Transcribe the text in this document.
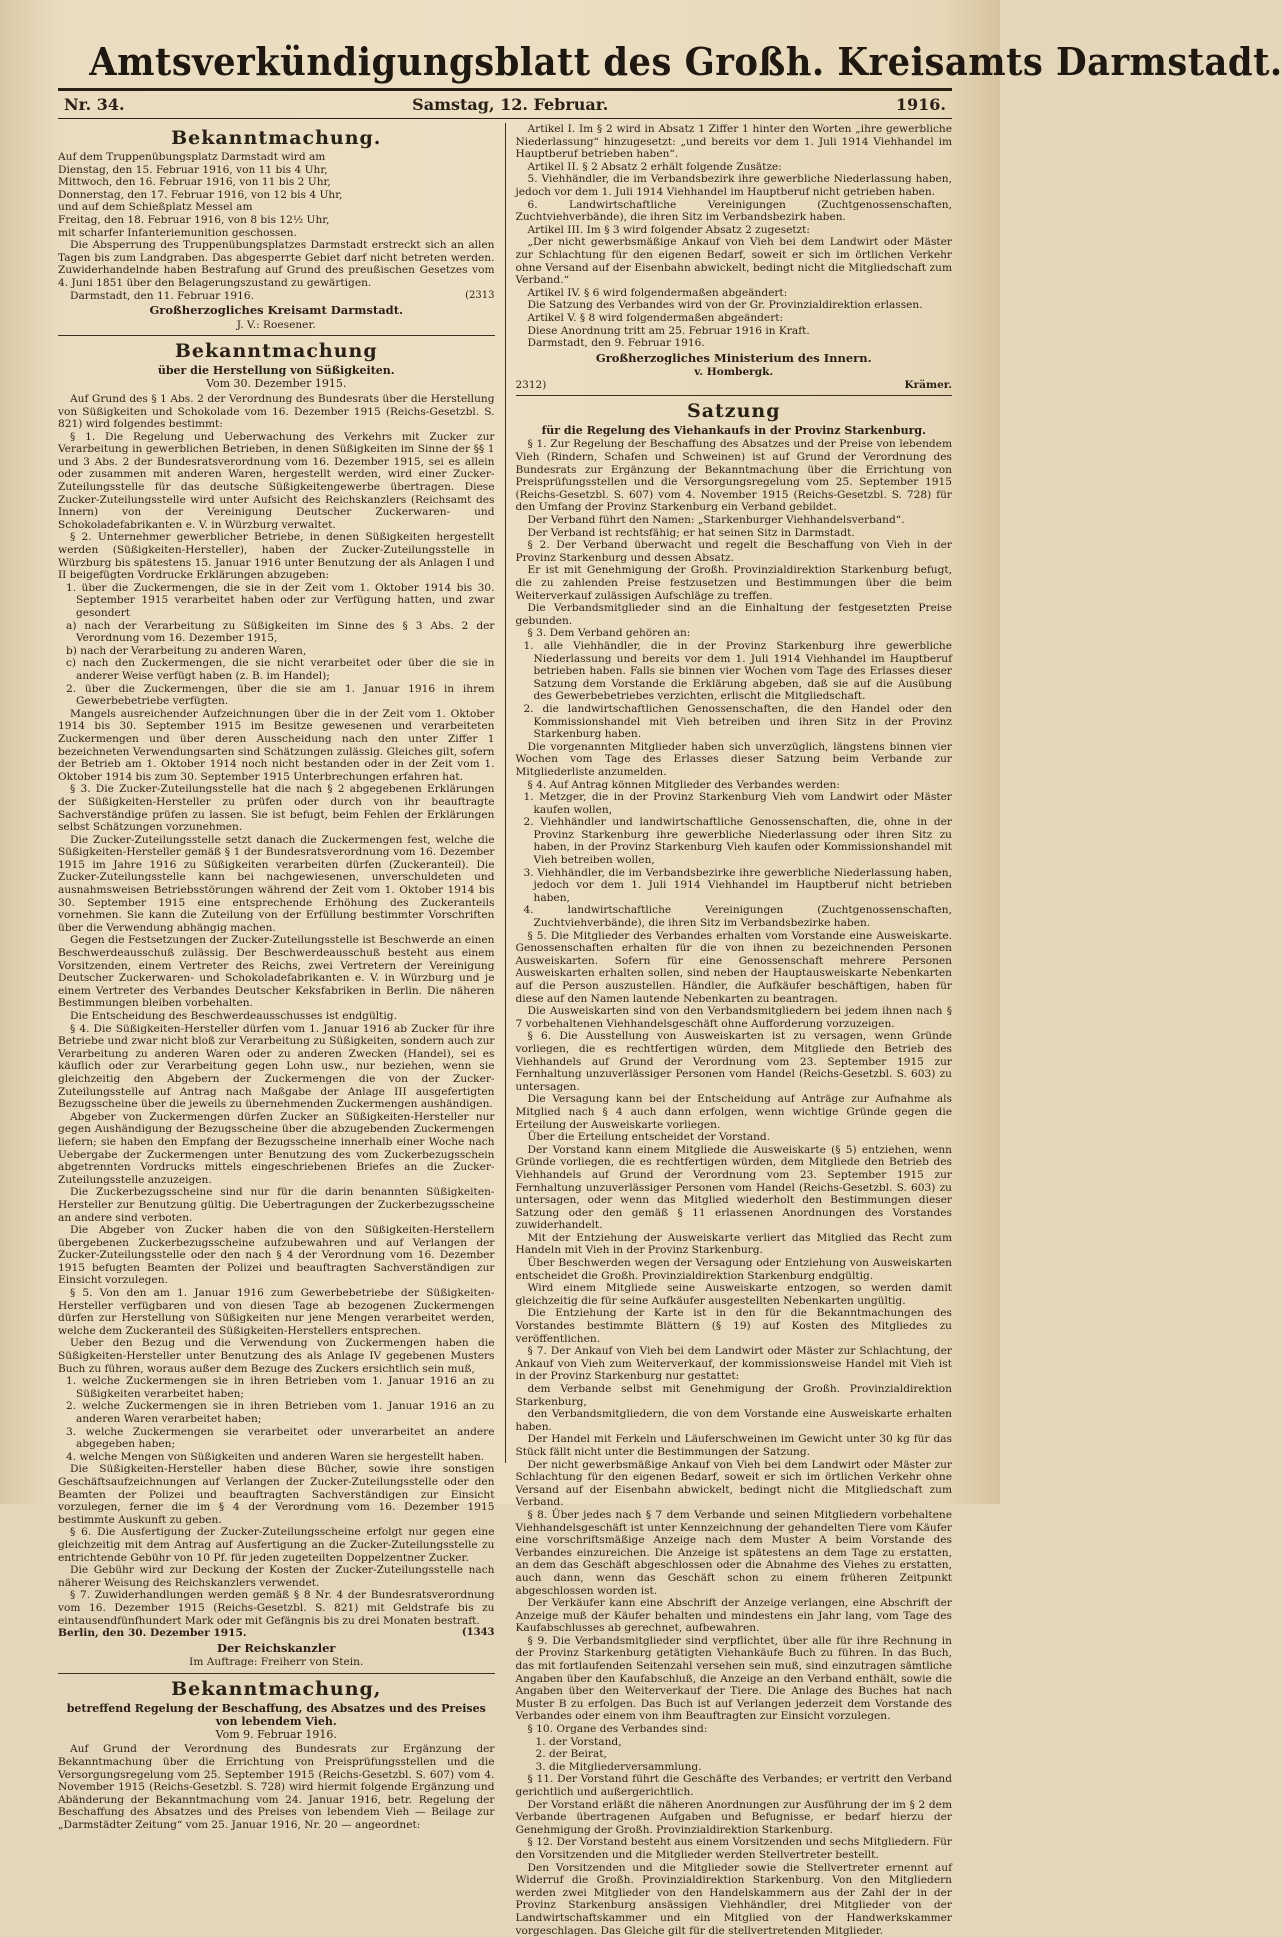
Amtsverkündigungsblatt des Großh. Kreisamts Darmstadt.
Nr. 34.	Samstag, 12. Februar.	1916.
Bekanntmachung.

Auf dem Truppenübungsplatz Darmstadt wird am

Dienstag, den 15. Februar 1916, von 11 bis 4 Uhr,

Mittwoch, den 16. Februar 1916, von 11 bis 2 Uhr,

Donnerstag, den 17. Februar 1916, von 12 bis 4 Uhr,

und auf dem Schießplatz Messel am

Freitag, den 18. Februar 1916, von 8 bis 12½ Uhr,

mit scharfer Infanteriemunition geschossen.

Die Absperrung des Truppenübungsplatzes Darmstadt erstreckt sich an allen Tagen bis zum Landgraben. Das abgesperrte Gebiet darf nicht betreten werden. Zuwiderhandelnde haben Bestrafung auf Grund des preußischen Gesetzes vom 4. Juni 1851 über den Belagerungszustand zu gewärtigen.

Darmstadt, den 11. Februar 1916.	(2313

Großherzogliches Kreisamt Darmstadt.
J. V.: Roesener.
Bekanntmachung
über die Herstellung von Süßigkeiten.
Vom 30. Dezember 1915.

Auf Grund des § 1 Abs. 2 der Verordnung des Bundesrats über die Herstellung von Süßigkeiten und Schokolade vom 16. Dezember 1915 (Reichs-Gesetzbl. S. 821) wird folgendes bestimmt:

§ 1. Die Regelung und Ueberwachung des Verkehrs mit Zucker zur Verarbeitung in gewerblichen Betrieben, in denen Süßigkeiten im Sinne der §§ 1 und 3 Abs. 2 der Bundesratsverordnung vom 16. Dezember 1915, sei es allein oder zusammen mit anderen Waren, hergestellt werden, wird einer Zucker-Zuteilungsstelle für das deutsche Süßigkeitengewerbe übertragen. Diese Zucker-Zuteilungsstelle wird unter Aufsicht des Reichskanzlers (Reichsamt des Innern) von der Vereinigung Deutscher Zuckerwaren- und Schokoladefabrikanten e. V. in Würzburg verwaltet.

§ 2. Unternehmer gewerblicher Betriebe, in denen Süßigkeiten hergestellt werden (Süßigkeiten-Hersteller), haben der Zucker-Zuteilungsstelle in Würzburg bis spätestens 15. Januar 1916 unter Benutzung der als Anlagen I und II beigefügten Vordrucke Erklärungen abzugeben:

1. über die Zuckermengen, die sie in der Zeit vom 1. Oktober 1914 bis 30. September 1915 verarbeitet haben oder zur Verfügung hatten, und zwar gesondert

a) nach der Verarbeitung zu Süßigkeiten im Sinne des § 3 Abs. 2 der Verordnung vom 16. Dezember 1915,

b) nach der Verarbeitung zu anderen Waren,

c) nach den Zuckermengen, die sie nicht verarbeitet oder über die sie in anderer Weise verfügt haben (z. B. im Handel);

2. über die Zuckermengen, über die sie am 1. Januar 1916 in ihrem Gewerbebetriebe verfügten.

Mangels ausreichender Aufzeichnungen über die in der Zeit vom 1. Oktober 1914 bis 30. September 1915 im Besitze gewesenen und verarbeiteten Zuckermengen und über deren Ausscheidung nach den unter Ziffer 1 bezeichneten Verwendungsarten sind Schätzungen zulässig. Gleiches gilt, sofern der Betrieb am 1. Oktober 1914 noch nicht bestanden oder in der Zeit vom 1. Oktober 1914 bis zum 30. September 1915 Unterbrechungen erfahren hat.

§ 3. Die Zucker-Zuteilungsstelle hat die nach § 2 abgegebenen Erklärungen der Süßigkeiten-Hersteller zu prüfen oder durch von ihr beauftragte Sachverständige prüfen zu lassen. Sie ist befugt, beim Fehlen der Erklärungen selbst Schätzungen vorzunehmen.

Die Zucker-Zuteilungsstelle setzt danach die Zuckermengen fest, welche die Süßigkeiten-Hersteller gemäß § 1 der Bundesratsverordnung vom 16. Dezember 1915 im Jahre 1916 zu Süßigkeiten verarbeiten dürfen (Zuckeranteil). Die Zucker-Zuteilungsstelle kann bei nachgewiesenen, unverschuldeten und ausnahmsweisen Betriebsstörungen während der Zeit vom 1. Oktober 1914 bis 30. September 1915 eine entsprechende Erhöhung des Zuckeranteils vornehmen. Sie kann die Zuteilung von der Erfüllung bestimmter Vorschriften über die Verwendung abhängig machen.

Gegen die Festsetzungen der Zucker-Zuteilungsstelle ist Beschwerde an einen Beschwerdeausschuß zulässig. Der Beschwerdeausschuß besteht aus einem Vorsitzenden, einem Vertreter des Reichs, zwei Vertretern der Vereinigung Deutscher Zuckerwaren- und Schokoladefabrikanten e. V. in Würzburg und je einem Vertreter des Verbandes Deutscher Keksfabriken in Berlin. Die näheren Bestimmungen bleiben vorbehalten.

Die Entscheidung des Beschwerdeausschusses ist endgültig.

§ 4. Die Süßigkeiten-Hersteller dürfen vom 1. Januar 1916 ab Zucker für ihre Betriebe und zwar nicht bloß zur Verarbeitung zu Süßigkeiten, sondern auch zur Verarbeitung zu anderen Waren oder zu anderen Zwecken (Handel), sei es käuflich oder zur Verarbeitung gegen Lohn usw., nur beziehen, wenn sie gleichzeitig den Abgebern der Zuckermengen die von der Zucker-Zuteilungsstelle auf Antrag nach Maßgabe der Anlage III ausgefertigten Bezugsscheine über die jeweils zu übernehmenden Zuckermengen aushändigen.

Abgeber von Zuckermengen dürfen Zucker an Süßigkeiten-Hersteller nur gegen Aushändigung der Bezugsscheine über die abzugebenden Zuckermengen liefern; sie haben den Empfang der Bezugsscheine innerhalb einer Woche nach Uebergabe der Zuckermengen unter Benutzung des vom Zuckerbezugsschein abgetrennten Vordrucks mittels eingeschriebenen Briefes an die Zucker-Zuteilungsstelle anzuzeigen.

Die Zuckerbezugsscheine sind nur für die darin benannten Süßigkeiten-Hersteller zur Benutzung gültig. Die Uebertragungen der Zuckerbezugsscheine an andere sind verboten.

Die Abgeber von Zucker haben die von den Süßigkeiten-Herstellern übergebenen Zuckerbezugsscheine aufzubewahren und auf Verlangen der Zucker-Zuteilungsstelle oder den nach § 4 der Verordnung vom 16. Dezember 1915 befugten Beamten der Polizei und beauftragten Sachverständigen zur Einsicht vorzulegen.

§ 5. Von den am 1. Januar 1916 zum Gewerbebetriebe der Süßigkeiten-Hersteller verfügbaren und von diesen Tage ab bezogenen Zuckermengen dürfen zur Herstellung von Süßigkeiten nur jene Mengen verarbeitet werden, welche dem Zuckeranteil des Süßigkeiten-Herstellers entsprechen.

Ueber den Bezug und die Verwendung von Zuckermengen haben die Süßigkeiten-Hersteller unter Benutzung des als Anlage IV gegebenen Musters Buch zu führen, woraus außer dem Bezuge des Zuckers ersichtlich sein muß,

1. welche Zuckermengen sie in ihren Betrieben vom 1. Januar 1916 an zu Süßigkeiten verarbeitet haben;

2. welche Zuckermengen sie in ihren Betrieben vom 1. Januar 1916 an zu anderen Waren verarbeitet haben;

3. welche Zuckermengen sie verarbeitet oder unverarbeitet an andere abgegeben haben;

4. welche Mengen von Süßigkeiten und anderen Waren sie hergestellt haben.

Die Süßigkeiten-Hersteller haben diese Bücher, sowie ihre sonstigen Geschäftsaufzeichnungen auf Verlangen der Zucker-Zuteilungsstelle oder den Beamten der Polizei und beauftragten Sachverständigen zur Einsicht vorzulegen, ferner die im § 4 der Verordnung vom 16. Dezember 1915 bestimmte Auskunft zu geben.

§ 6. Die Ausfertigung der Zucker-Zuteilungsscheine erfolgt nur gegen eine gleichzeitig mit dem Antrag auf Ausfertigung an die Zucker-Zuteilungsstelle zu entrichtende Gebühr von 10 Pf. für jeden zugeteilten Doppelzentner Zucker.

Die Gebühr wird zur Deckung der Kosten der Zucker-Zuteilungsstelle nach näherer Weisung des Reichskanzlers verwendet.

§ 7. Zuwiderhandlungen werden gemäß § 8 Nr. 4 der Bundesratsverordnung vom 16. Dezember 1915 (Reichs-Gesetzbl. S. 821) mit Geldstrafe bis zu eintausendfünfhundert Mark oder mit Gefängnis bis zu drei Monaten bestraft.

Berlin, den 30. Dezember 1915.	(1343

Der Reichskanzler
Im Auftrage: Freiherr von Stein.
Bekanntmachung,
betreffend Regelung der Beschaffung, des Absatzes und des Preises von lebendem Vieh.
Vom 9. Februar 1916.

Auf Grund der Verordnung des Bundesrats zur Ergänzung der Bekanntmachung über die Errichtung von Preisprüfungsstellen und die Versorgungsregelung vom 25. September 1915 (Reichs-Gesetzbl. S. 607) vom 4. November 1915 (Reichs-Gesetzbl. S. 728) wird hiermit folgende Ergänzung und Abänderung der Bekanntmachung vom 24. Januar 1916, betr. Regelung der Beschaffung des Absatzes und des Preises von lebendem Vieh — Beilage zur „Darmstädter Zeitung“ vom 25. Januar 1916, Nr. 20 — angeordnet:

Artikel I. Im § 2 wird in Absatz 1 Ziffer 1 hinter den Worten „ihre gewerbliche Niederlassung“ hinzugesetzt: „und bereits vor dem 1. Juli 1914 Viehhandel im Hauptberuf betrieben haben“.

Artikel II. § 2 Absatz 2 erhält folgende Zusätze:

5. Viehhändler, die im Verbandsbezirk ihre gewerbliche Niederlassung haben, jedoch vor dem 1. Juli 1914 Viehhandel im Hauptberuf nicht getrieben haben.

6. Landwirtschaftliche Vereinigungen (Zuchtgenossenschaften, Zuchtviehverbände), die ihren Sitz im Verbandsbezirk haben.

Artikel III. Im § 3 wird folgender Absatz 2 zugesetzt:

„Der nicht gewerbsmäßige Ankauf von Vieh bei dem Landwirt oder Mäster zur Schlachtung für den eigenen Bedarf, soweit er sich im örtlichen Verkehr ohne Versand auf der Eisenbahn abwickelt, bedingt nicht die Mitgliedschaft zum Verband.“

Artikel IV. § 6 wird folgendermaßen abgeändert:

Die Satzung des Verbandes wird von der Gr. Provinzialdirektion erlassen.

Artikel V. § 8 wird folgendermaßen abgeändert:

Diese Anordnung tritt am 25. Februar 1916 in Kraft.

Darmstadt, den 9. Februar 1916.

Großherzogliches Ministerium des Innern.
v. Hombergk.
2312)	Krämer.
Satzung
für die Regelung des Viehankaufs in der Provinz Starkenburg.

§ 1. Zur Regelung der Beschaffung des Absatzes und der Preise von lebendem Vieh (Rindern, Schafen und Schweinen) ist auf Grund der Verordnung des Bundesrats zur Ergänzung der Bekanntmachung über die Errichtung von Preisprüfungsstellen und die Versorgungsregelung vom 25. September 1915 (Reichs-Gesetzbl. S. 607) vom 4. November 1915 (Reichs-Gesetzbl. S. 728) für den Umfang der Provinz Starkenburg ein Verband gebildet.

Der Verband führt den Namen: „Starkenburger Viehhandelsverband“.

Der Verband ist rechtsfähig; er hat seinen Sitz in Darmstadt.

§ 2. Der Verband überwacht und regelt die Beschaffung von Vieh in der Provinz Starkenburg und dessen Absatz.

Er ist mit Genehmigung der Großh. Provinzialdirektion Starkenburg befugt, die zu zahlenden Preise festzusetzen und Bestimmungen über die beim Weiterverkauf zulässigen Aufschläge zu treffen.

Die Verbandsmitglieder sind an die Einhaltung der festgesetzten Preise gebunden.

§ 3. Dem Verband gehören an:

1. alle Viehhändler, die in der Provinz Starkenburg ihre gewerbliche Niederlassung und bereits vor dem 1. Juli 1914 Viehhandel im Hauptberuf betrieben haben. Falls sie binnen vier Wochen vom Tage des Erlasses dieser Satzung dem Vorstande die Erklärung abgeben, daß sie auf die Ausübung des Gewerbebetriebes verzichten, erlischt die Mitgliedschaft.

2. die landwirtschaftlichen Genossenschaften, die den Handel oder den Kommissionshandel mit Vieh betreiben und ihren Sitz in der Provinz Starkenburg haben.

Die vorgenannten Mitglieder haben sich unverzüglich, längstens binnen vier Wochen vom Tage des Erlasses dieser Satzung beim Verbande zur Mitgliederliste anzumelden.

§ 4. Auf Antrag können Mitglieder des Verbandes werden:

1. Metzger, die in der Provinz Starkenburg Vieh vom Landwirt oder Mäster kaufen wollen,

2. Viehhändler und landwirtschaftliche Genossenschaften, die, ohne in der Provinz Starkenburg ihre gewerbliche Niederlassung oder ihren Sitz zu haben, in der Provinz Starkenburg Vieh kaufen oder Kommissionshandel mit Vieh betreiben wollen,

3. Viehhändler, die im Verbandsbezirke ihre gewerbliche Niederlassung haben, jedoch vor dem 1. Juli 1914 Viehhandel im Hauptberuf nicht betrieben haben,

4. landwirtschaftliche Vereinigungen (Zuchtgenossenschaften, Zuchtviehverbände), die ihren Sitz im Verbandsbezirke haben.

§ 5. Die Mitglieder des Verbandes erhalten vom Vorstande eine Ausweiskarte. Genossenschaften erhalten für die von ihnen zu bezeichnenden Personen Ausweiskarten. Sofern für eine Genossenschaft mehrere Personen Ausweiskarten erhalten sollen, sind neben der Hauptausweiskarte Nebenkarten auf die Person auszustellen. Händler, die Aufkäufer beschäftigen, haben für diese auf den Namen lautende Nebenkarten zu beantragen.

Die Ausweiskarten sind von den Verbandsmitgliedern bei jedem ihnen nach § 7 vorbehaltenen Viehhandelsgeschäft ohne Aufforderung vorzuzeigen.

§ 6. Die Ausstellung von Ausweiskarten ist zu versagen, wenn Gründe vorliegen, die es rechtfertigen würden, dem Mitgliede den Betrieb des Viehhandels auf Grund der Verordnung vom 23. September 1915 zur Fernhaltung unzuverlässiger Personen vom Handel (Reichs-Gesetzbl. S. 603) zu untersagen.

Die Versagung kann bei der Entscheidung auf Anträge zur Aufnahme als Mitglied nach § 4 auch dann erfolgen, wenn wichtige Gründe gegen die Erteilung der Ausweiskarte vorliegen.

Über die Erteilung entscheidet der Vorstand.

Der Vorstand kann einem Mitgliede die Ausweiskarte (§ 5) entziehen, wenn Gründe vorliegen, die es rechtfertigen würden, dem Mitgliede den Betrieb des Viehhandels auf Grund der Verordnung vom 23. September 1915 zur Fernhaltung unzuverlässiger Personen vom Handel (Reichs-Gesetzbl. S. 603) zu untersagen, oder wenn das Mitglied wiederholt den Bestimmungen dieser Satzung oder den gemäß § 11 erlassenen Anordnungen des Vorstandes zuwiderhandelt.

Mit der Entziehung der Ausweiskarte verliert das Mitglied das Recht zum Handeln mit Vieh in der Provinz Starkenburg.

Über Beschwerden wegen der Versagung oder Entziehung von Ausweiskarten entscheidet die Großh. Provinzialdirektion Starkenburg endgültig.

Wird einem Mitgliede seine Ausweiskarte entzogen, so werden damit gleichzeitig die für seine Aufkäufer ausgestellten Nebenkarten ungültig.

Die Entziehung der Karte ist in den für die Bekanntmachungen des Vorstandes bestimmte Blättern (§ 19) auf Kosten des Mitgliedes zu veröffentlichen.

§ 7. Der Ankauf von Vieh bei dem Landwirt oder Mäster zur Schlachtung, der Ankauf von Vieh zum Weiterverkauf, der kommissionsweise Handel mit Vieh ist in der Provinz Starkenburg nur gestattet:

dem Verbande selbst mit Genehmigung der Großh. Provinzialdirektion Starkenburg,

den Verbandsmitgliedern, die von dem Vorstande eine Ausweiskarte erhalten haben.

Der Handel mit Ferkeln und Läuferschweinen im Gewicht unter 30 kg für das Stück fällt nicht unter die Bestimmungen der Satzung.

Der nicht gewerbsmäßige Ankauf von Vieh bei dem Landwirt oder Mäster zur Schlachtung für den eigenen Bedarf, soweit er sich im örtlichen Verkehr ohne Versand auf der Eisenbahn abwickelt, bedingt nicht die Mitgliedschaft zum Verband.

§ 8. Über jedes nach § 7 dem Verbande und seinen Mitgliedern vorbehaltene Viehhandelsgeschäft ist unter Kennzeichnung der gehandelten Tiere vom Käufer eine vorschriftsmäßige Anzeige nach dem Muster A beim Vorstande des Verbandes einzureichen. Die Anzeige ist spätestens an dem Tage zu erstatten, an dem das Geschäft abgeschlossen oder die Abnahme des Viehes zu erstatten, auch dann, wenn das Geschäft schon zu einem früheren Zeitpunkt abgeschlossen worden ist.

Der Verkäufer kann eine Abschrift der Anzeige verlangen, eine Abschrift der Anzeige muß der Käufer behalten und mindestens ein Jahr lang, vom Tage des Kaufabschlusses ab gerechnet, aufbewahren.

§ 9. Die Verbandsmitglieder sind verpflichtet, über alle für ihre Rechnung in der Provinz Starkenburg getätigten Viehankäufe Buch zu führen. In das Buch, das mit fortlaufenden Seitenzahl versehen sein muß, sind einzutragen sämtliche Angaben über den Kaufabschluß, die Anzeige an den Verband enthält, sowie die Angaben über den Weiterverkauf der Tiere. Die Anlage des Buches hat nach Muster B zu erfolgen. Das Buch ist auf Verlangen jederzeit dem Vorstande des Verbandes oder einem von ihm Beauftragten zur Einsicht vorzulegen.

§ 10. Organe des Verbandes sind:

1. der Vorstand,

2. der Beirat,

3. die Mitgliederversammlung.

§ 11. Der Vorstand führt die Geschäfte des Verbandes; er vertritt den Verband gerichtlich und außergerichtlich.

Der Vorstand erläßt die näheren Anordnungen zur Ausführung der im § 2 dem Verbande übertragenen Aufgaben und Befugnisse, er bedarf hierzu der Genehmigung der Großh. Provinzialdirektion Starkenburg.

§ 12. Der Vorstand besteht aus einem Vorsitzenden und sechs Mitgliedern. Für den Vorsitzenden und die Mitglieder werden Stellvertreter bestellt.

Den Vorsitzenden und die Mitglieder sowie die Stellvertreter ernennt auf Widerruf die Großh. Provinzialdirektion Starkenburg. Von den Mitgliedern werden zwei Mitglieder von den Handelskammern aus der Zahl der in der Provinz Starkenburg ansässigen Viehhändler, drei Mitglieder von der Landwirtschaftskammer und ein Mitglied von der Handwerkskammer vorgeschlagen. Das Gleiche gilt für die stellvertretenden Mitglieder.
